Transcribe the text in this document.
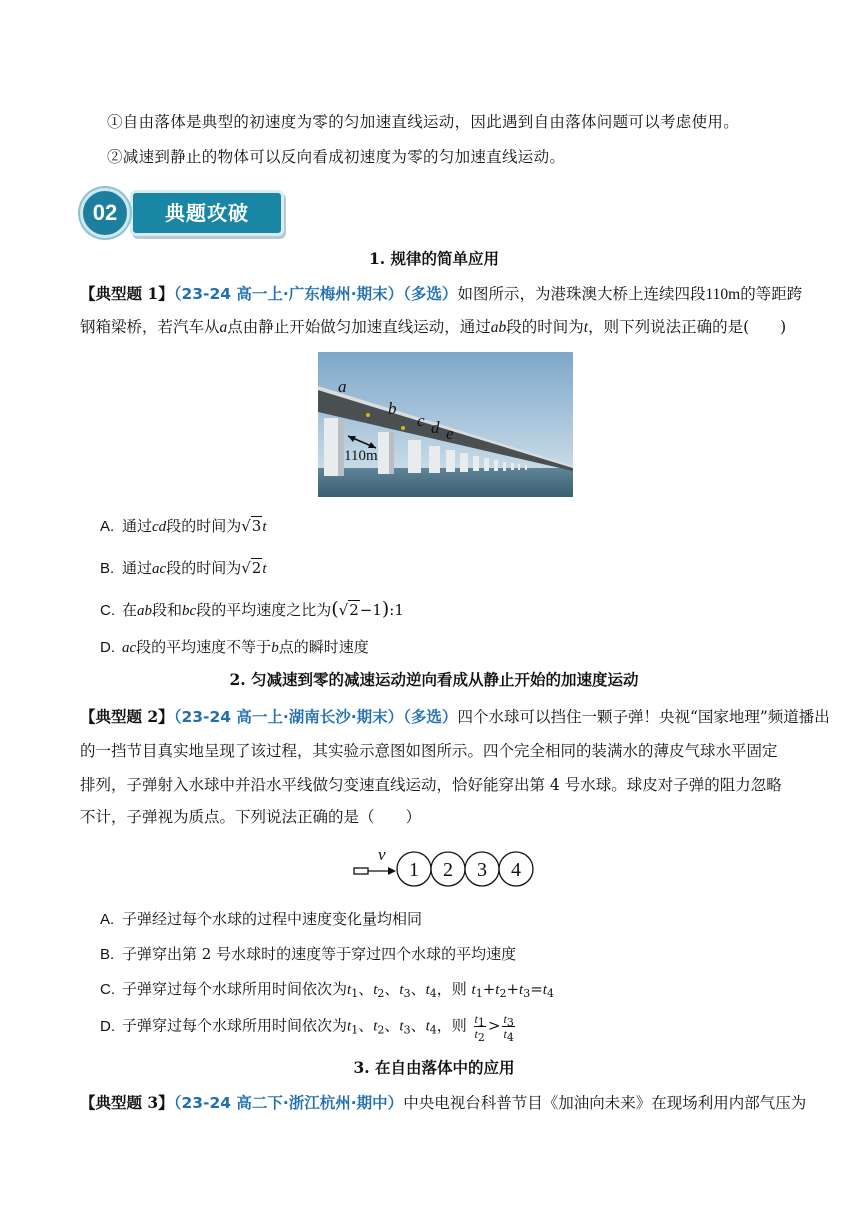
①自由落体是典型的初速度为零的匀加速直线运动，因此遇到自由落体问题可以考虑使用。
②减速到静止的物体可以反向看成初速度为零的匀加速直线运动。
典题攻破
02
1. 规律的简单应用
【典型题 1】（23-24 高一上·广东梅州·期末）（多选）如图所示，为港珠澳大桥上连续四段110m的等距跨
钢箱梁桥，若汽车从a点由静止开始做匀加速直线运动，通过ab段的时间为t，则下列说法正确的是(　　)
a
b
c d e
110m
A. 通过cd段的时间为√3t
B. 通过ac段的时间为√2t
C. 在ab段和bc段的平均速度之比为(√2−1):1
D. ac段的平均速度不等于b点的瞬时速度
2. 匀减速到零的减速运动逆向看成从静止开始的加速度运动
【典型题 2】（23-24 高一上·湖南长沙·期末）（多选）四个水球可以挡住一颗子弹！央视“国家地理”频道播出
的一挡节目真实地呈现了该过程，其实验示意图如图所示。四个完全相同的装满水的薄皮气球水平固定
排列，子弹射入水球中并沿水平线做匀变速直线运动，恰好能穿出第 4 号水球。球皮对子弹的阻力忽略
不计，子弹视为质点。下列说法正确的是（　　）
v
1 2 3 4
A. 子弹经过每个水球的过程中速度变化量均相同
B. 子弹穿出第 2 号水球时的速度等于穿过四个水球的平均速度
C. 子弹穿过每个水球所用时间依次为$t_1$、$t_2$、$t_3$、$t_4$，则 $t_1+t_2+t_3=t_4$
D. 子弹穿过每个水球所用时间依次为$t_1$、$t_2$、$t_3$、$t_4$，则 $\frac{t_1}{t_2} > \frac{t_3}{t_4}$
3. 在自由落体中的应用
【典型题 3】（23-24 高二下·浙江杭州·期中）中央电视台科普节目《加油向未来》在现场利用内部气压为
